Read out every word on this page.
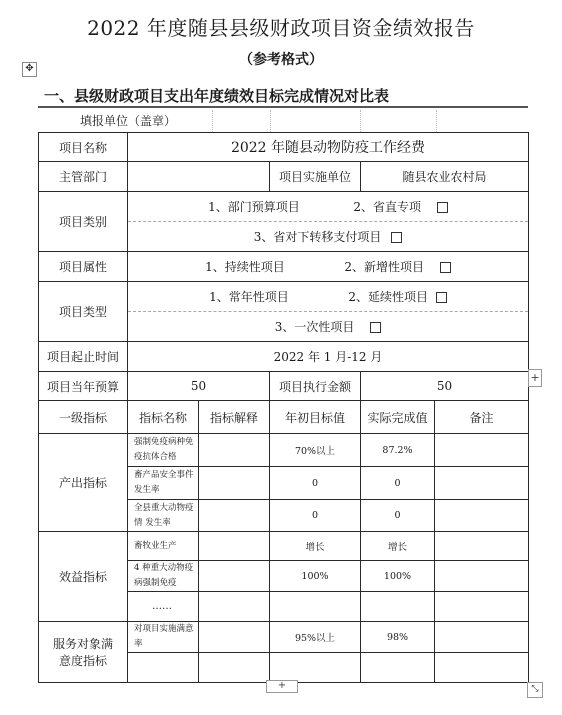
2022 年度随县县级财政项目资金绩效报告
（参考格式）
✥
一、县级财政项目支出年度绩效目标完成情况对比表
填报单位（盖章）
项目名称	2022 年随县动物防疫工作经费
主管部门		项目实施单位	随县农业农村局
项目类别	
1、部门预算项目	2、省直专项
3、省对下转移支付项目

项目属性	1、持续性项目	2、新增性项目
项目类型	
1、常年性项目	2、延续性项目
3、一次性项目

项目起止时间	2022 年 1 月-12 月
项目当年预算	50	项目执行金额	50
一级指标	指标名称	指标解释	年初目标值	实际完成值	备注
产出指标	强制免疫病种免疫抗体合格		70%以上	87.2%	
畜产品安全事件发生率		0	0	
全县重大动物疫情 发生率		0	0	
效益指标	畜牧业生产		增长	增长	
4 种重大动物疫病强制免疫		100%	100%	
……				
服务对象满意度指标	对项目实施满意率		95%以上	98%	

+
+	⤡
